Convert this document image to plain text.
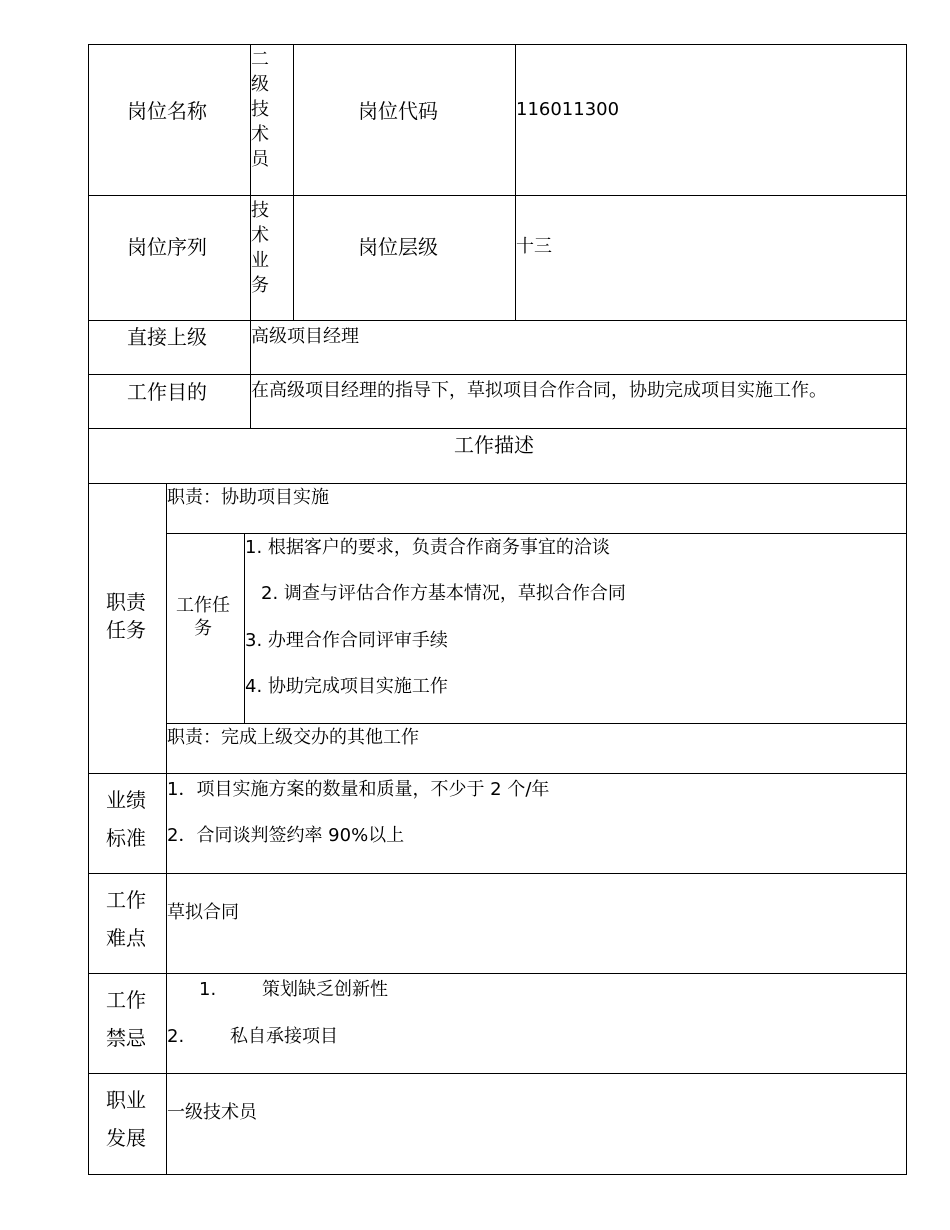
岗位名称
二级技术员
岗位代码	116011300
岗位序列
技术业务
岗位层级	十三
直接上级 高级项目经理
工作目的 在高级项目经理的指导下，草拟项目合作合同，协助完成项目实施工作。
工作描述
职责
任务
职责：协助项目实施
工作任
务
1. 根据客户的要求，负责合作商务事宜的洽谈
2. 调查与评估合作方基本情况，草拟合作合同
3. 办理合作合同评审手续
4. 协助完成项目实施工作
职责：完成上级交办的其他工作
业绩
标准
1．项目实施方案的数量和质量，不少于 2 个/年
2．合同谈判签约率 90%以上
工作
难点
草拟合同
工作
禁忌
1.        策划缺乏创新性
2.        私自承接项目
职业
发展
一级技术员
